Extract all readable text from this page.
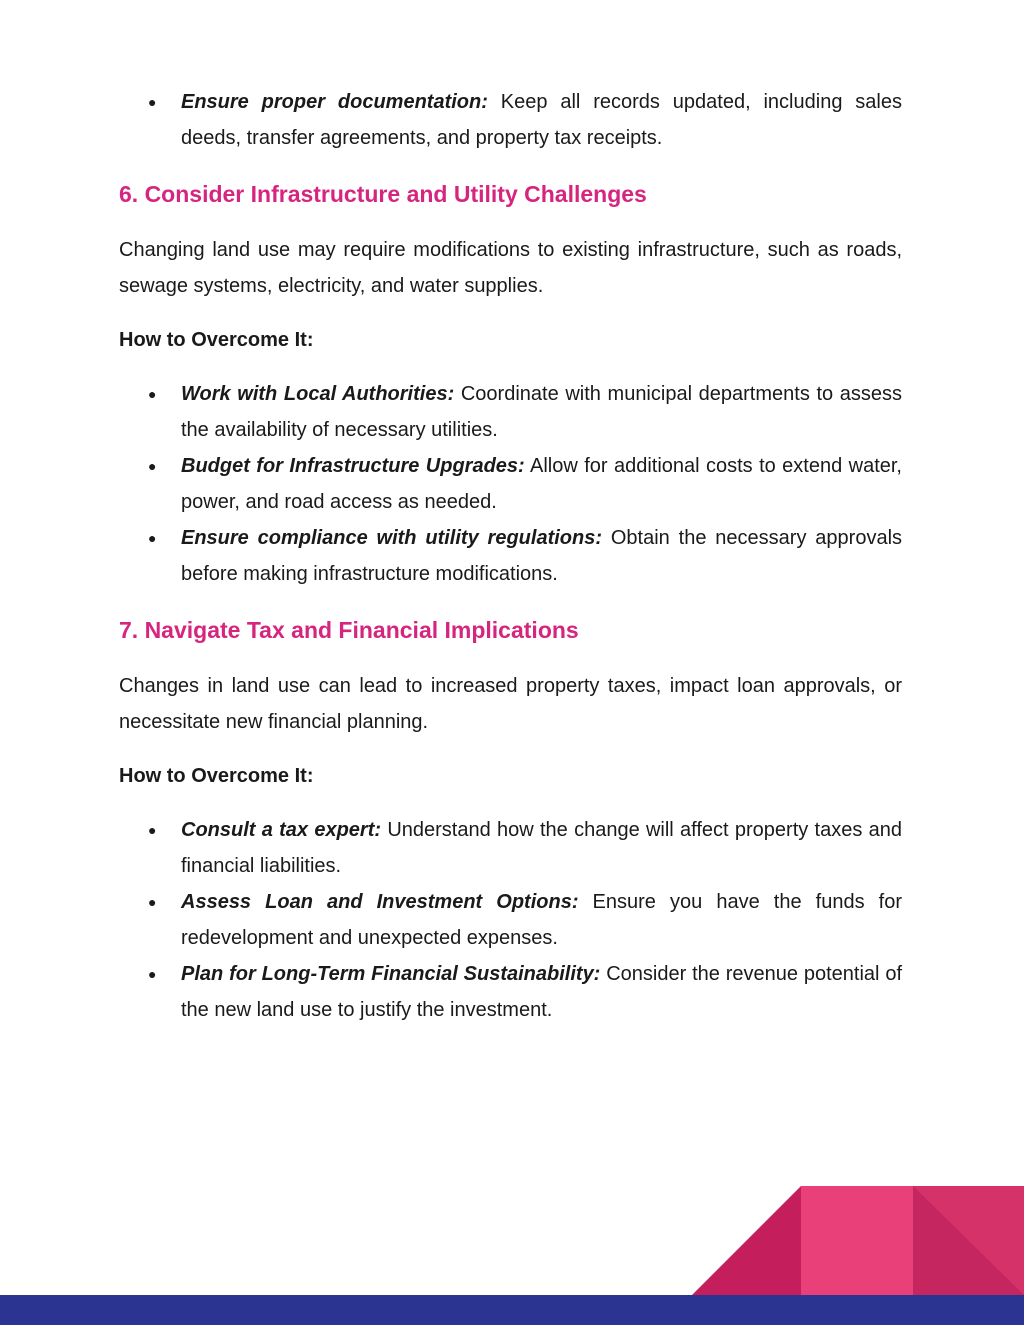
● Ensure proper documentation: Keep all records updated, including sales deeds, transfer agreements, and property tax receipts.
6. Consider Infrastructure and Utility Challenges

Changing land use may require modifications to existing infrastructure, such as roads, sewage systems, electricity, and water supplies.

How to Overcome It:
● Work with Local Authorities: Coordinate with municipal departments to assess the availability of necessary utilities.
● Budget for Infrastructure Upgrades: Allow for additional costs to extend water, power, and road access as needed.
● Ensure compliance with utility regulations: Obtain the necessary approvals before making infrastructure modifications.
7. Navigate Tax and Financial Implications

Changes in land use can lead to increased property taxes, impact loan approvals, or necessitate new financial planning.

How to Overcome It:
● Consult a tax expert: Understand how the change will affect property taxes and financial liabilities.
● Assess Loan and Investment Options: Ensure you have the funds for redevelopment and unexpected expenses.
● Plan for Long-Term Financial Sustainability: Consider the revenue potential of the new land use to justify the investment.
